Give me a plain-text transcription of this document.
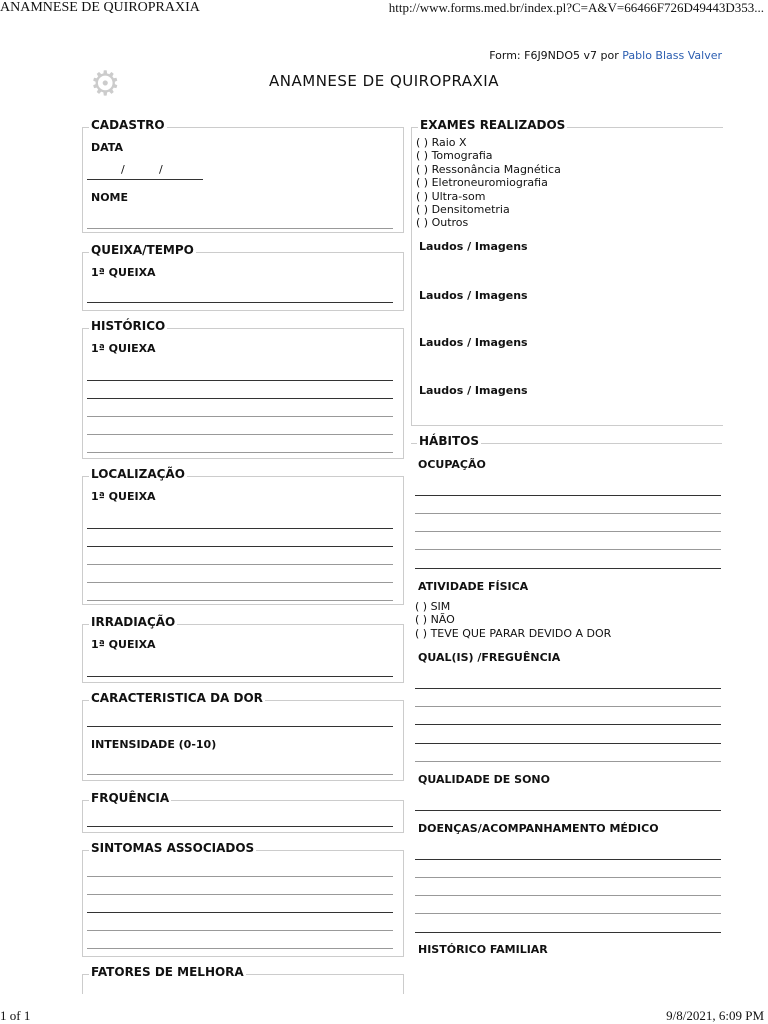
ANAMNESE DE QUIROPRAXIA	http://www.forms.med.br/index.pl?C=A&V=66466F726D49443D353...
Form: F6J9NDO5 v7 por Pablo Blass Valver
⚙	ANAMNESE DE QUIROPRAXIA
CADASTRO
DATA
/	/
NOME
QUEIXA/TEMPO
1ª QUEIXA
HISTÓRICO
1ª QUIEXA
LOCALIZAÇÃO
1ª QUEIXA
IRRADIAÇÃO
1ª QUEIXA
CARACTERISTICA DA DOR
INTENSIDADE (0-10)
FRQUÊNCIA
SINTOMAS ASSOCIADOS
FATORES DE MELHORA
EXAMES REALIZADOS
( ) Raio X
( ) Tomografia
( ) Ressonância Magnética
( ) Eletroneuromiografia
( ) Ultra-som
( ) Densitometria
( ) Outros
Laudos / Imagens
Laudos / Imagens
Laudos / Imagens
Laudos / Imagens
HÁBITOS
OCUPAÇÃO
ATIVIDADE FÍSICA
( ) SIM
( ) NÃO
( ) TEVE QUE PARAR DEVIDO A DOR
QUAL(IS) /FREGUÊNCIA
QUALIDADE DE SONO
DOENÇAS/ACOMPANHAMENTO MÉDICO
HISTÓRICO FAMILIAR
1 of 1	9/8/2021, 6:09 PM
